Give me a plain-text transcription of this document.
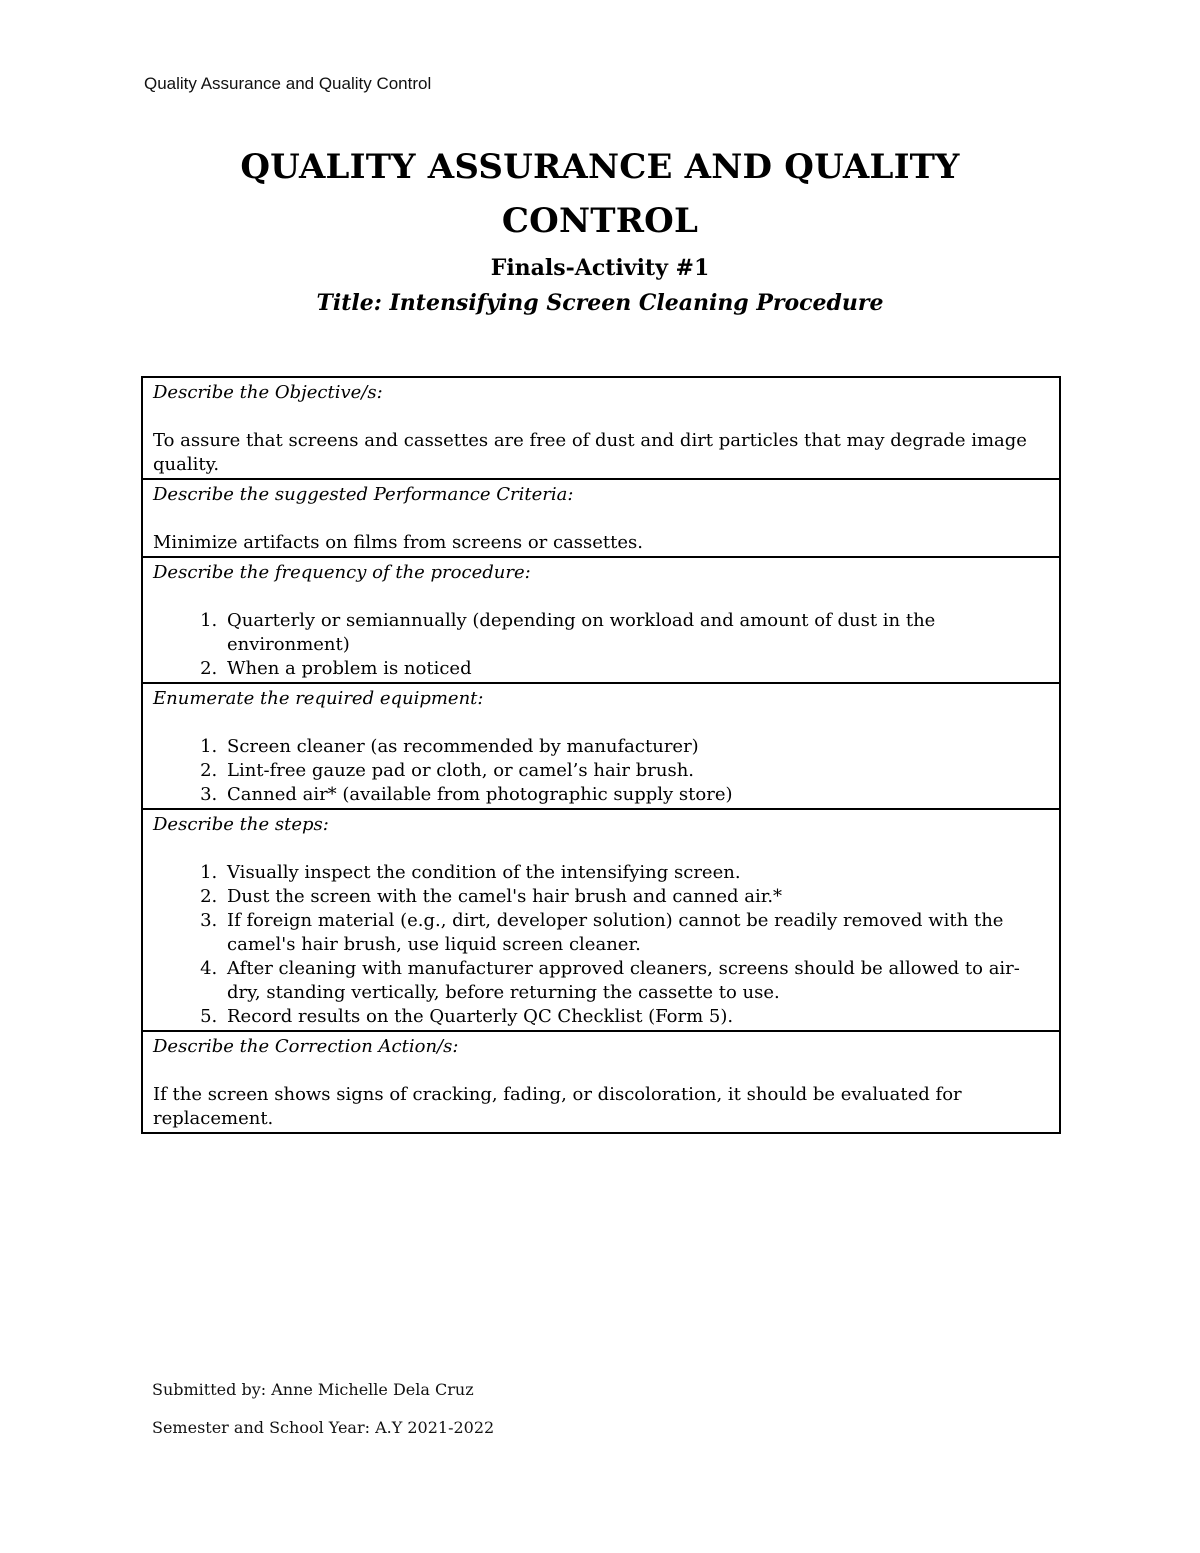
Quality Assurance and Quality Control
QUALITY ASSURANCE AND QUALITY CONTROL
Finals-Activity #1
Title: Intensifying Screen Cleaning Procedure
Describe the Objective/s:
To assure that screens and cassettes are free of dust and dirt particles that may degrade image quality.

Describe the suggested Performance Criteria:
Minimize artifacts on films from screens or cassettes.

Describe the frequency of the procedure:
1. Quarterly or semiannually (depending on workload and amount of dust in the environment)
2. When a problem is noticed

Enumerate the required equipment:
1. Screen cleaner (as recommended by manufacturer)
2. Lint-free gauze pad or cloth, or camel’s hair brush.
3. Canned air* (available from photographic supply store)

Describe the steps:
1. Visually inspect the condition of the intensifying screen.
2. Dust the screen with the camel's hair brush and canned air.*
3. If foreign material (e.g., dirt, developer solution) cannot be readily removed with the camel's hair brush, use liquid screen cleaner.
4. After cleaning with manufacturer approved cleaners, screens should be allowed to air-dry, standing vertically, before returning the cassette to use.
5. Record results on the Quarterly QC Checklist (Form 5).

Describe the Correction Action/s:
If the screen shows signs of cracking, fading, or discoloration, it should be evaluated for replacement.
Submitted by: Anne Michelle Dela Cruz
Semester and School Year: A.Y 2021-2022
